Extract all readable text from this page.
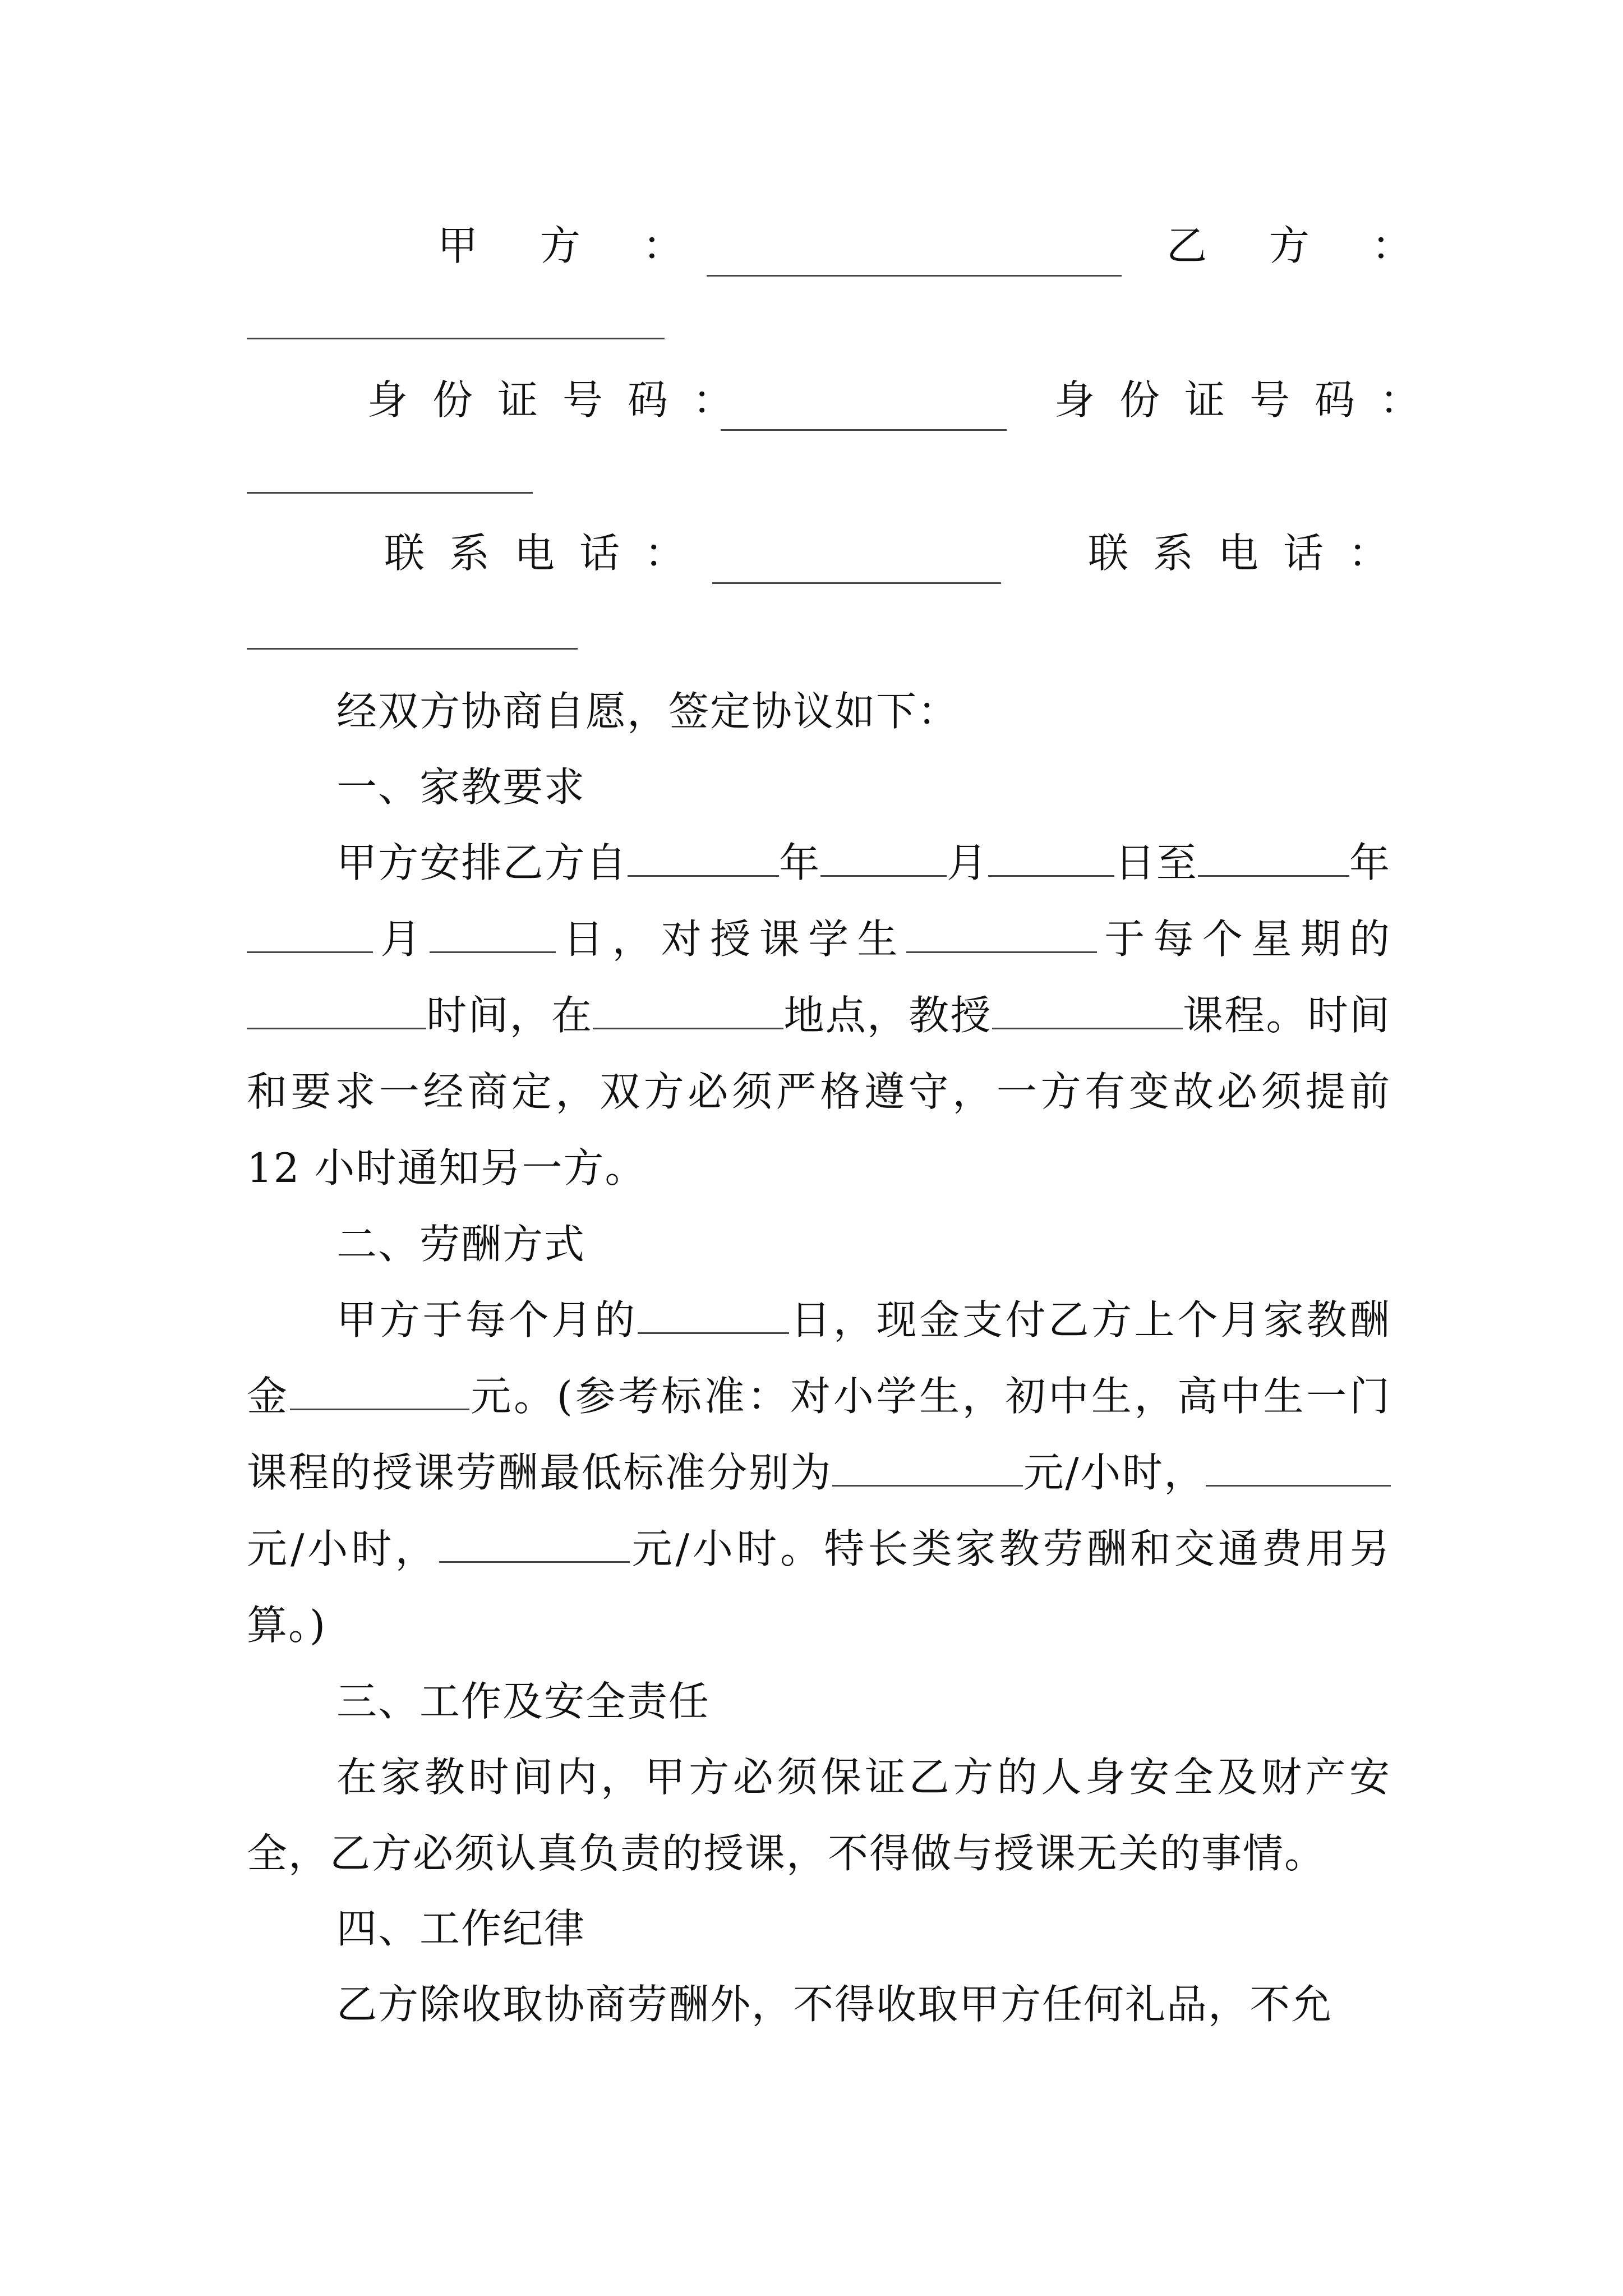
甲 方 ：	乙 方 ：
身份证号码：	身份证号码：
联系电话：	联系电话：

经双方协商自愿，签定协议如下：

一、家教要求

甲方安排乙方自	年	月	日至	年月	日，对授课学生	于每个星期的时间，在	地点，教授	课程。时间和要求一经商定，双方必须严格遵守，一方有变故必须提前 12 小时通知另一方。

二、劳酬方式

甲方于每个月的	日，现金支付乙方上个月家教酬金	元。(参考标准：对小学生，初中生，高中生一门课程的授课劳酬最低标准分别为	元/小时，元/小时，	元/小时。特长类家教劳酬和交通费用另算。)

三、工作及安全责任

在家教时间内，甲方必须保证乙方的人身安全及财产安全，乙方必须认真负责的授课，不得做与授课无关的事情。

四、工作纪律

乙方除收取协商劳酬外，不得收取甲方任何礼品，不允
